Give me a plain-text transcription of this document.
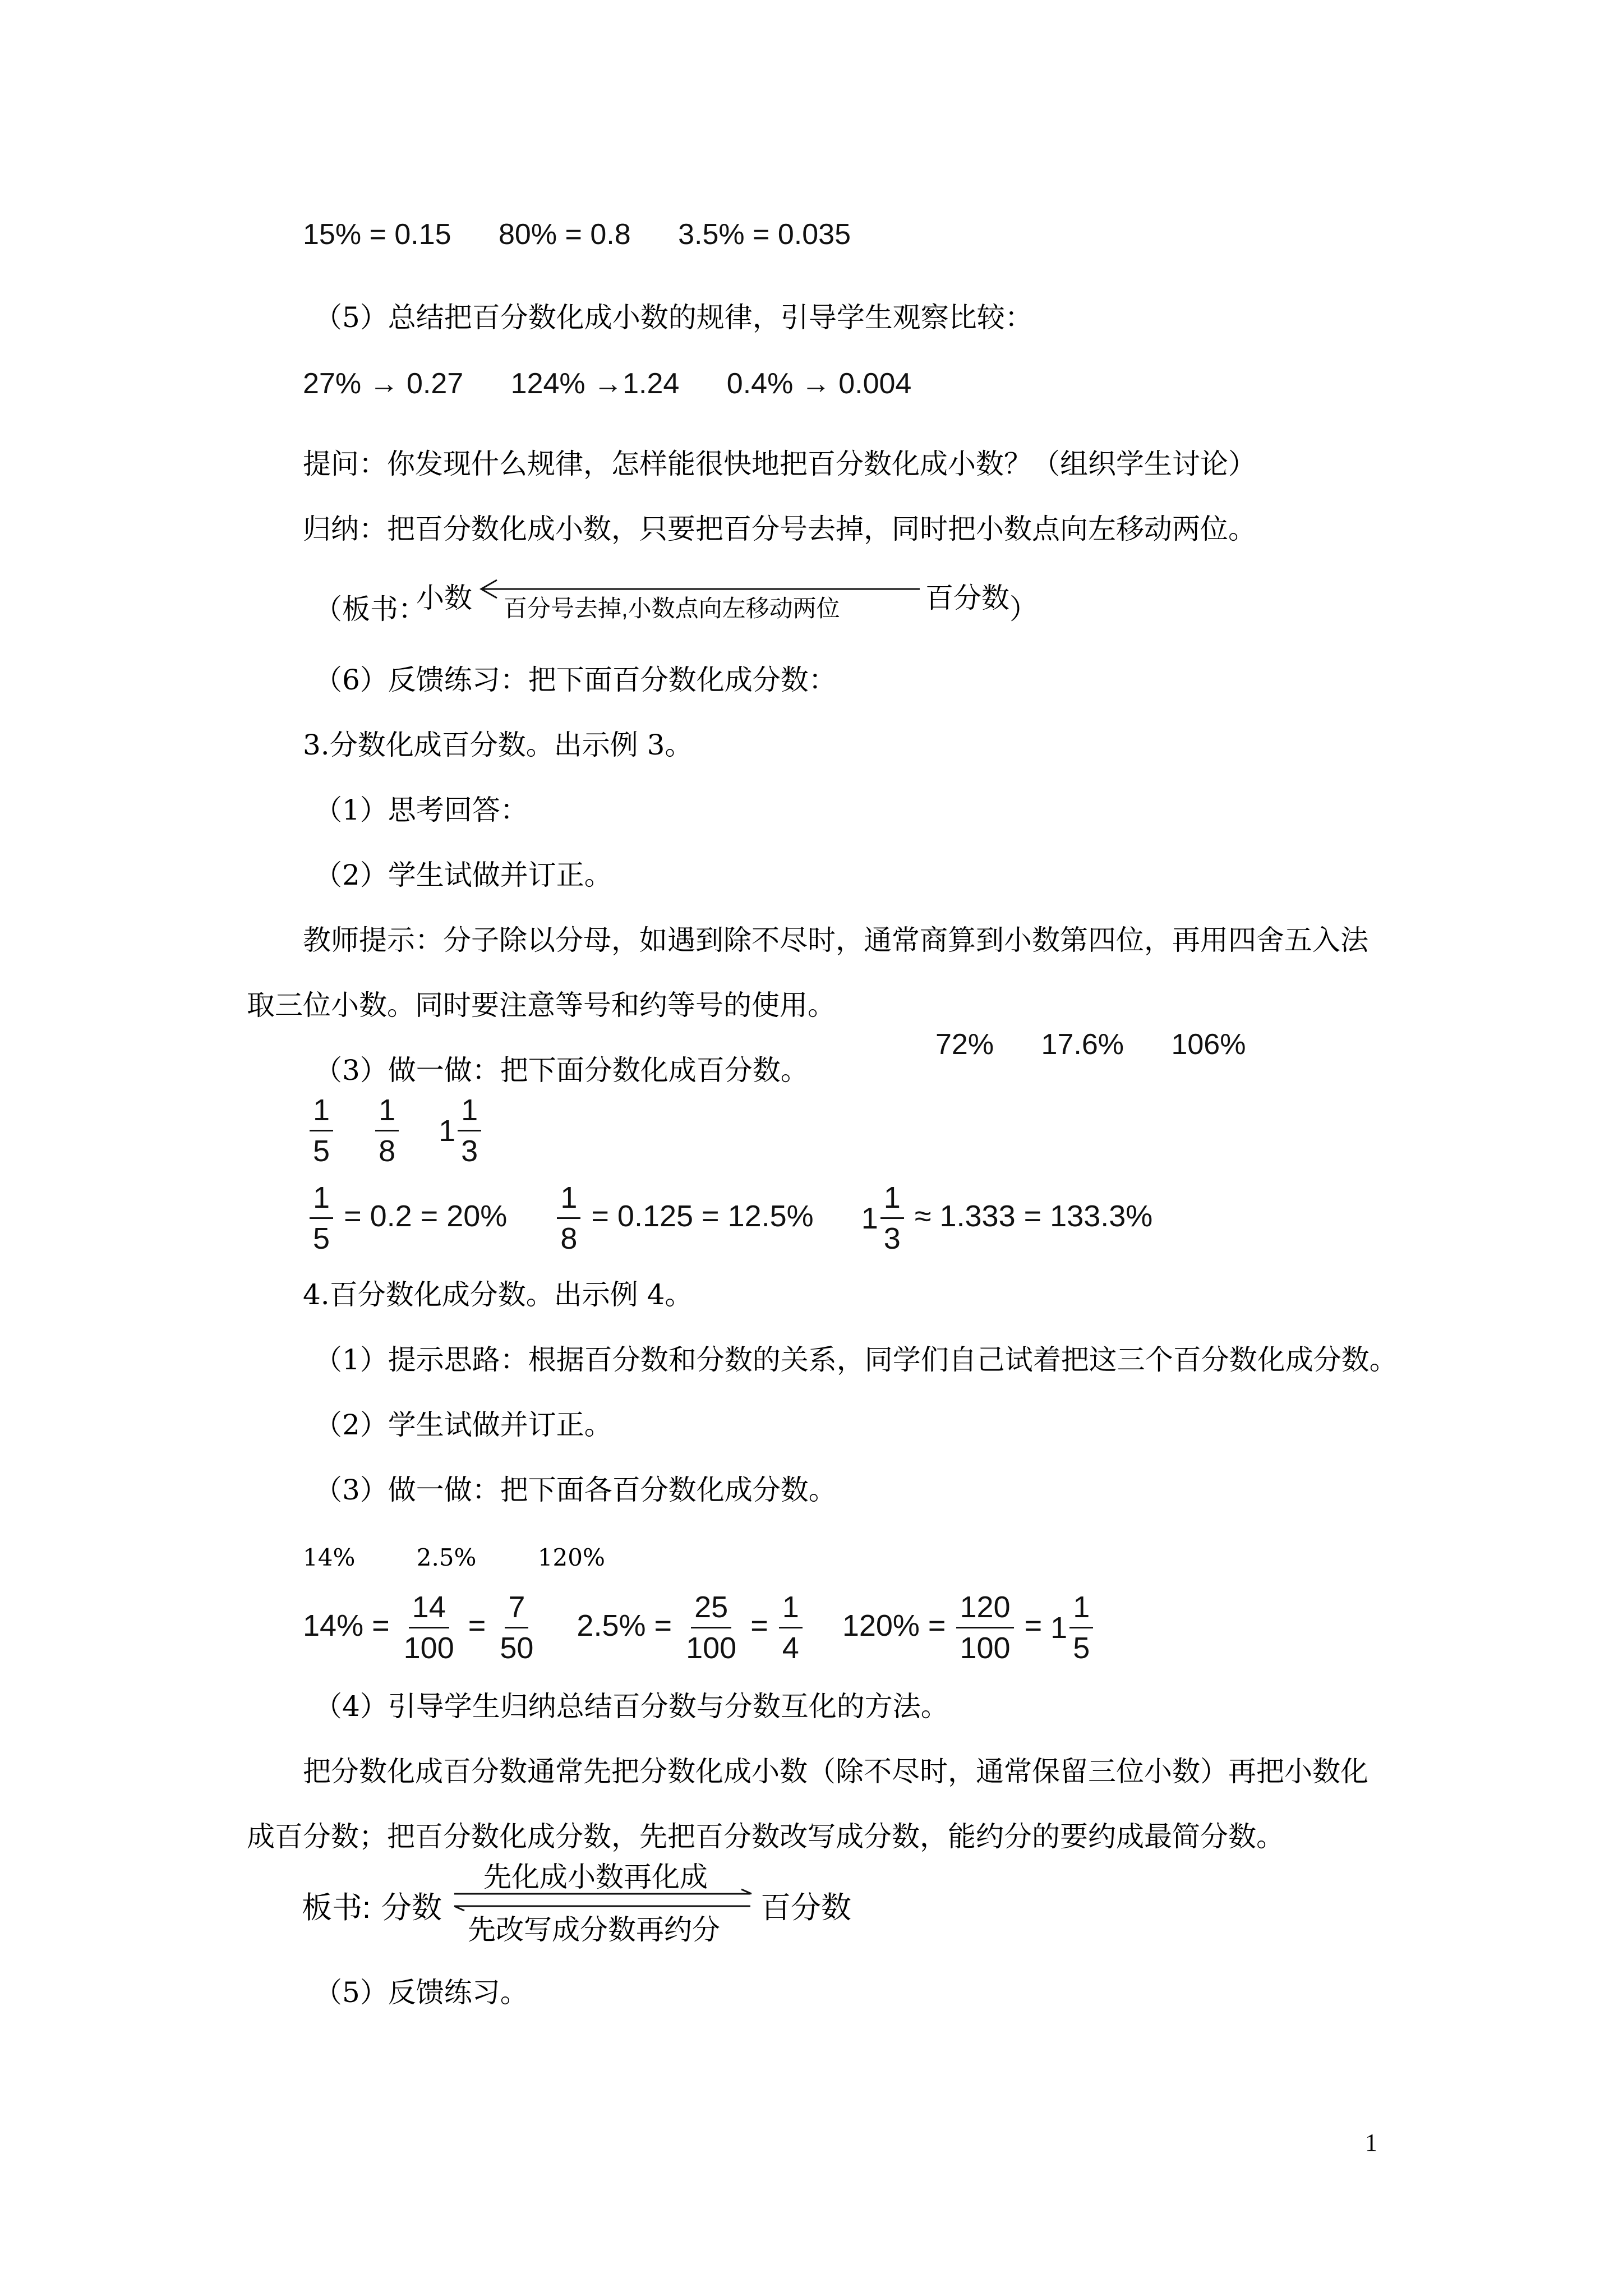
15% = 0.15 80% = 0.8 3.5% = 0.035
（5）总结把百分数化成小数的规律，引导学生观察比较：
27% → 0.27 124% →1.24 0.4% → 0.004
提问：你发现什么规律，怎样能很快地把百分数化成小数？（组织学生讨论）
归纳：把百分数化成小数，只要把百分号去掉，同时把小数点向左移动两位。
（板书：
小数 百分号去掉,小数点向左移动两位	百分数 ）
（6）反馈练习：把下面百分数化成分数：
3.分数化成百分数。出示例 3。
（1）思考回答：
（2）学生试做并订正。
教师提示：分子除以分母，如遇到除不尽时，通常商算到小数第四位，再用四舍五入法
取三位小数。同时要注意等号和约等号的使用。
（3）做一做：把下面分数化成百分数。
72% 17.6% 106%
$\frac{1}{5}$
$\frac{1}{8}$
$1 \frac{1}{3}$
$\frac{1}{5} = 0.2 = 20\% \frac{1}{8} = 0.125 = 12.5\%$ $1 \frac{1}{3} \approx 1.333 = 133.3\%$
4.百分数化成分数。出示例 4。
（1）提示思路：根据百分数和分数的关系，同学们自己试着把这三个百分数化成分数。
（2）学生试做并订正。
（3）做一做：把下面各百分数化成分数。
14%	2.5%	120%
$14\% = \frac{14}{100} = \frac{7}{50} 2.5\% = \frac{25}{100} = \frac{1}{4} 120\% = \frac{120}{100} = 1 \frac{1}{5}$
（4）引导学生归纳总结百分数与分数互化的方法。
把分数化成百分数通常先把分数化成小数（除不尽时，通常保留三位小数）再把小数化
成百分数；把百分数化成分数，先把百分数改写成分数，能约分的要约成最简分数。
板书: 分数
先化成小数再化成
先改写成分数再约分
百分数
（5）反馈练习。
1
